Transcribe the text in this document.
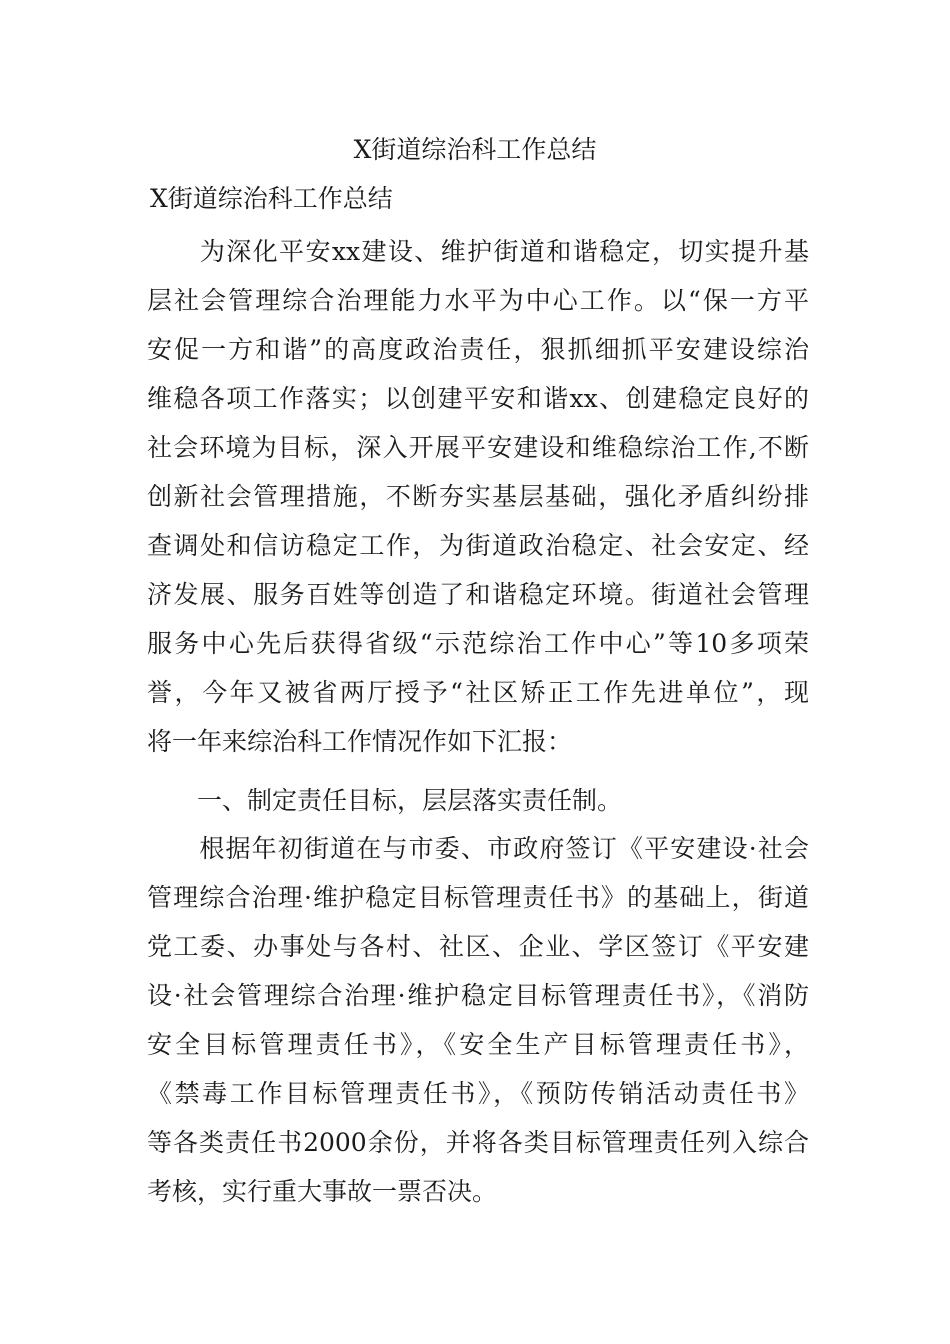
X街道综治科工作总结

X街道综治科工作总结

　　为深化平安xx建设、维护街道和谐稳定，切实提升基
层社会管理综合治理能力水平为中心工作。以“保一方平
安促一方和谐”的高度政治责任，狠抓细抓平安建设综治
维稳各项工作落实；以创建平安和谐xx、创建稳定良好的
社会环境为目标，深入开展平安建设和维稳综治工作,不断
创新社会管理措施，不断夯实基层基础，强化矛盾纠纷排
查调处和信访稳定工作，为街道政治稳定、社会安定、经
济发展、服务百姓等创造了和谐稳定环境。街道社会管理
服务中心先后获得省级“示范综治工作中心”等10多项荣
誉，今年又被省两厅授予“社区矫正工作先进单位”，现
将一年来综治科工作情况作如下汇报：
　　一、制定责任目标，层层落实责任制。
　　根据年初街道在与市委、市政府签订《平安建设·社会
管理综合治理·维护稳定目标管理责任书》的基础上，街道
党工委、办事处与各村、社区、企业、学区签订《平安建
设·社会管理综合治理·维护稳定目标管理责任书》，《消防
安全目标管理责任书》，《安全生产目标管理责任书》，
《禁毒工作目标管理责任书》，《预防传销活动责任书》
等各类责任书2000余份，并将各类目标管理责任列入综合
考核，实行重大事故一票否决。
